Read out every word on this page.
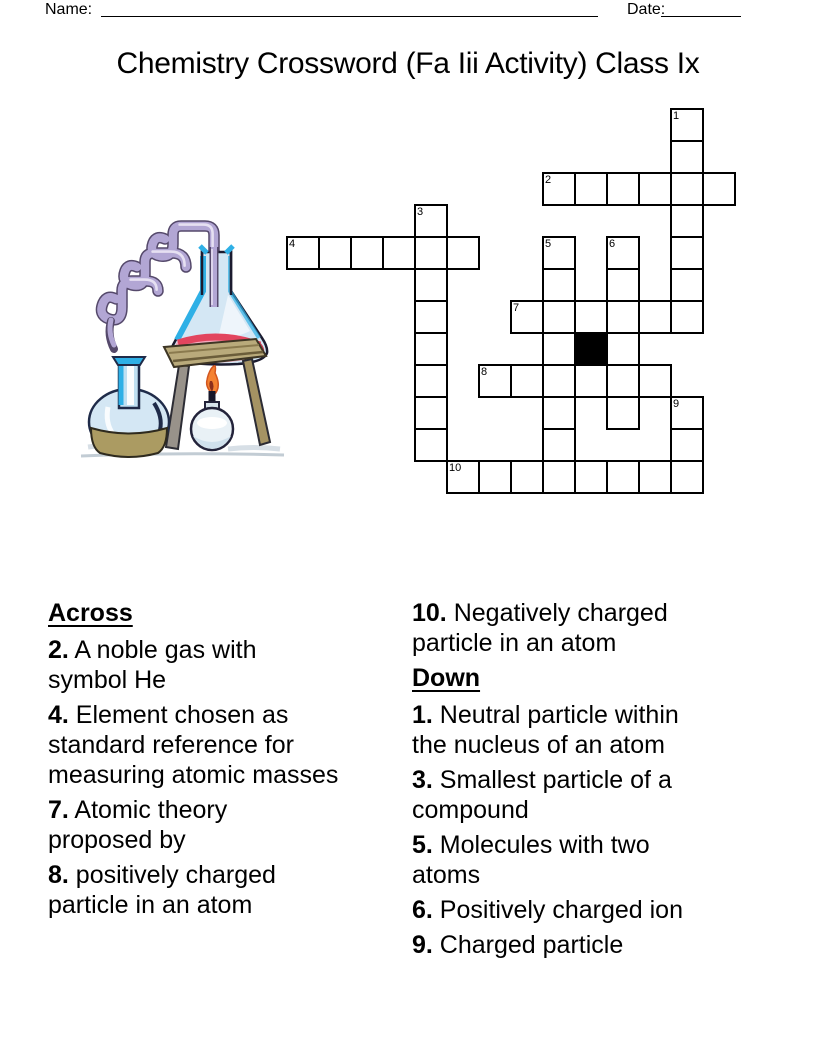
Name:	Date:
Chemistry Crossword (Fa Iii Activity) Class Ix
1
2
3
4	5	6
7
8
9
10
Across
2. A noble gas with
symbol He
4. Element chosen as
standard reference for
measuring atomic masses
7. Atomic theory
proposed by
8. positively charged
particle in an atom
10. Negatively charged
particle in an atom
Down
1. Neutral particle within
the nucleus of an atom
3. Smallest particle of a
compound
5. Molecules with two
atoms
6. Positively charged ion
9. Charged particle
